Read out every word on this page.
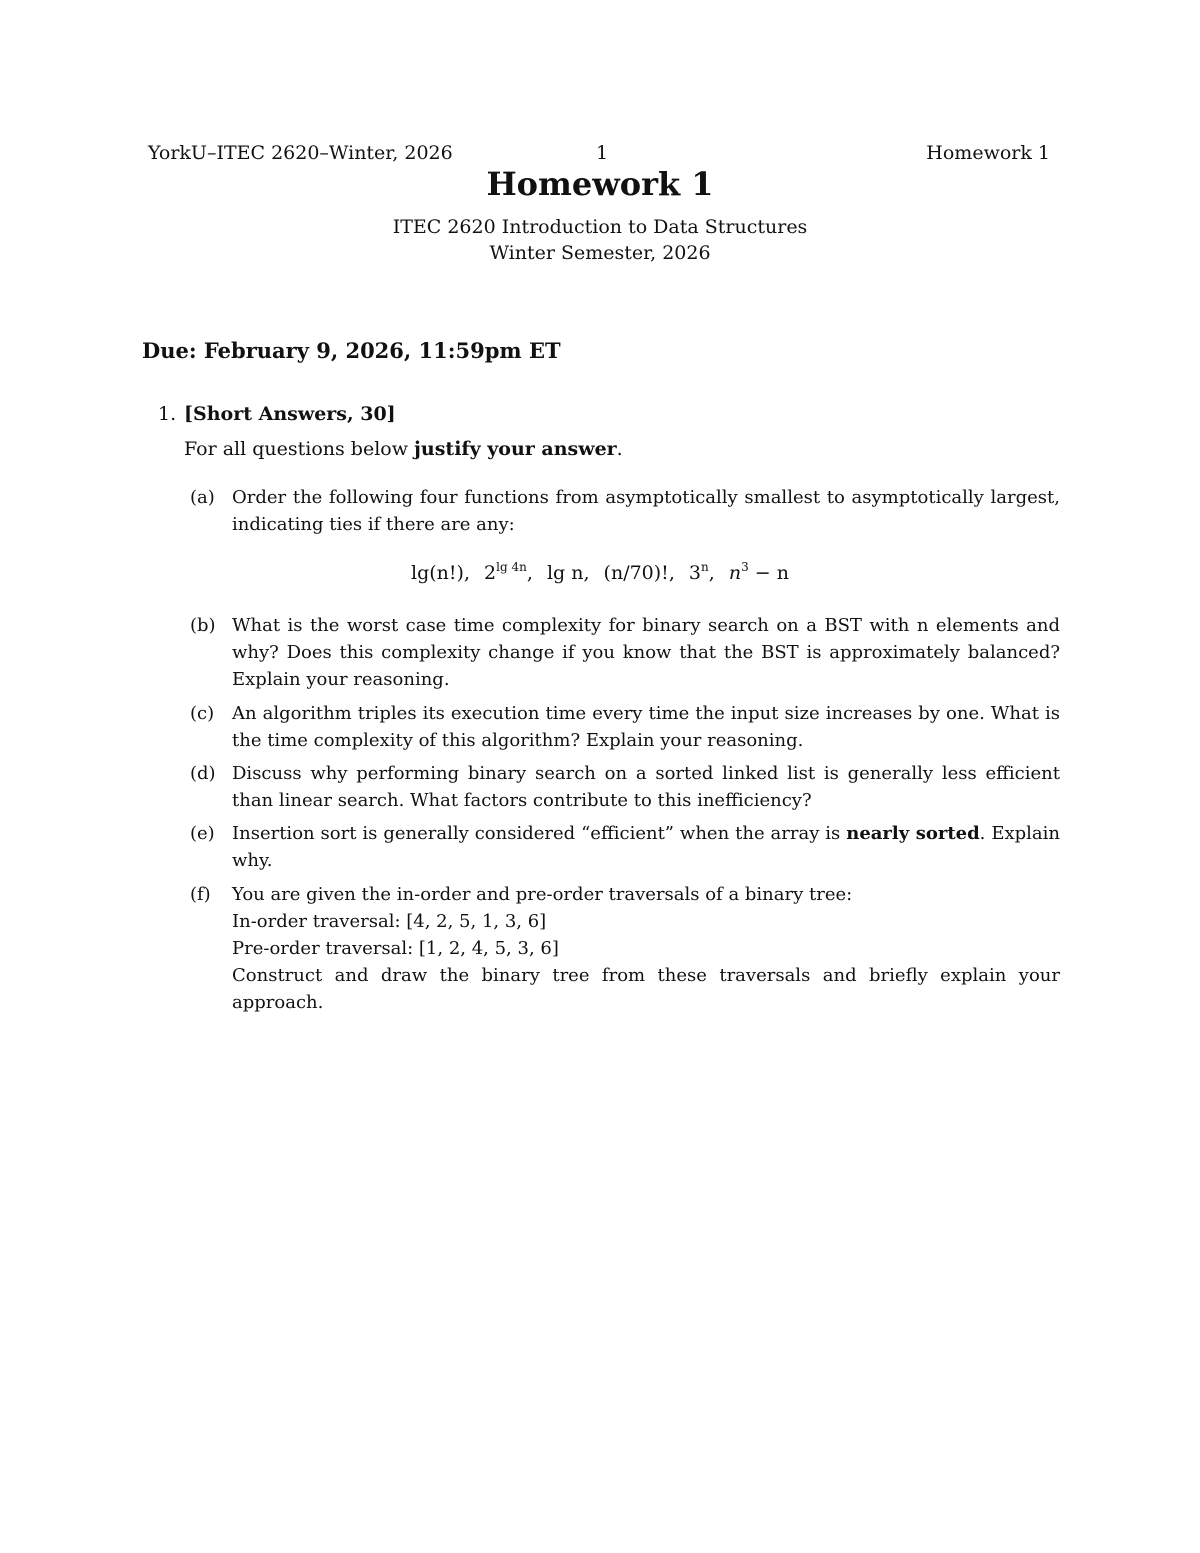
YorkU–ITEC 2620–Winter, 2026	1	Homework 1
Homework 1
ITEC 2620 Introduction to Data Structures
Winter Semester, 2026
Due: February 9, 2026, 11:59pm ET
1. [Short Answers, 30]
For all questions below justify your answer.
(a) Order the following four functions from asymptotically smallest to asymptotically largest, indicating ties if there are any:
lg(n!), $2^{lg 4n}$, lg n, (n/70)!, 3$^n$, $n^3 - n$
(b) What is the worst case time complexity for binary search on a BST with n elements and why? Does this complexity change if you know that the BST is approximately balanced? Explain your reasoning.
(c) An algorithm triples its execution time every time the input size increases by one. What is the time complexity of this algorithm? Explain your reasoning.
(d) Discuss why performing binary search on a sorted linked list is generally less efficient than linear search. What factors contribute to this inefficiency?
(e) Insertion sort is generally considered “efficient” when the array is nearly sorted. Explain why.
(f)	You are given the in-order and pre-order traversals of a binary tree:

In-order traversal: [4, 2, 5, 1, 3, 6]

Pre-order traversal: [1, 2, 4, 5, 3, 6]

Construct and draw the binary tree from these traversals and briefly explain your approach.
